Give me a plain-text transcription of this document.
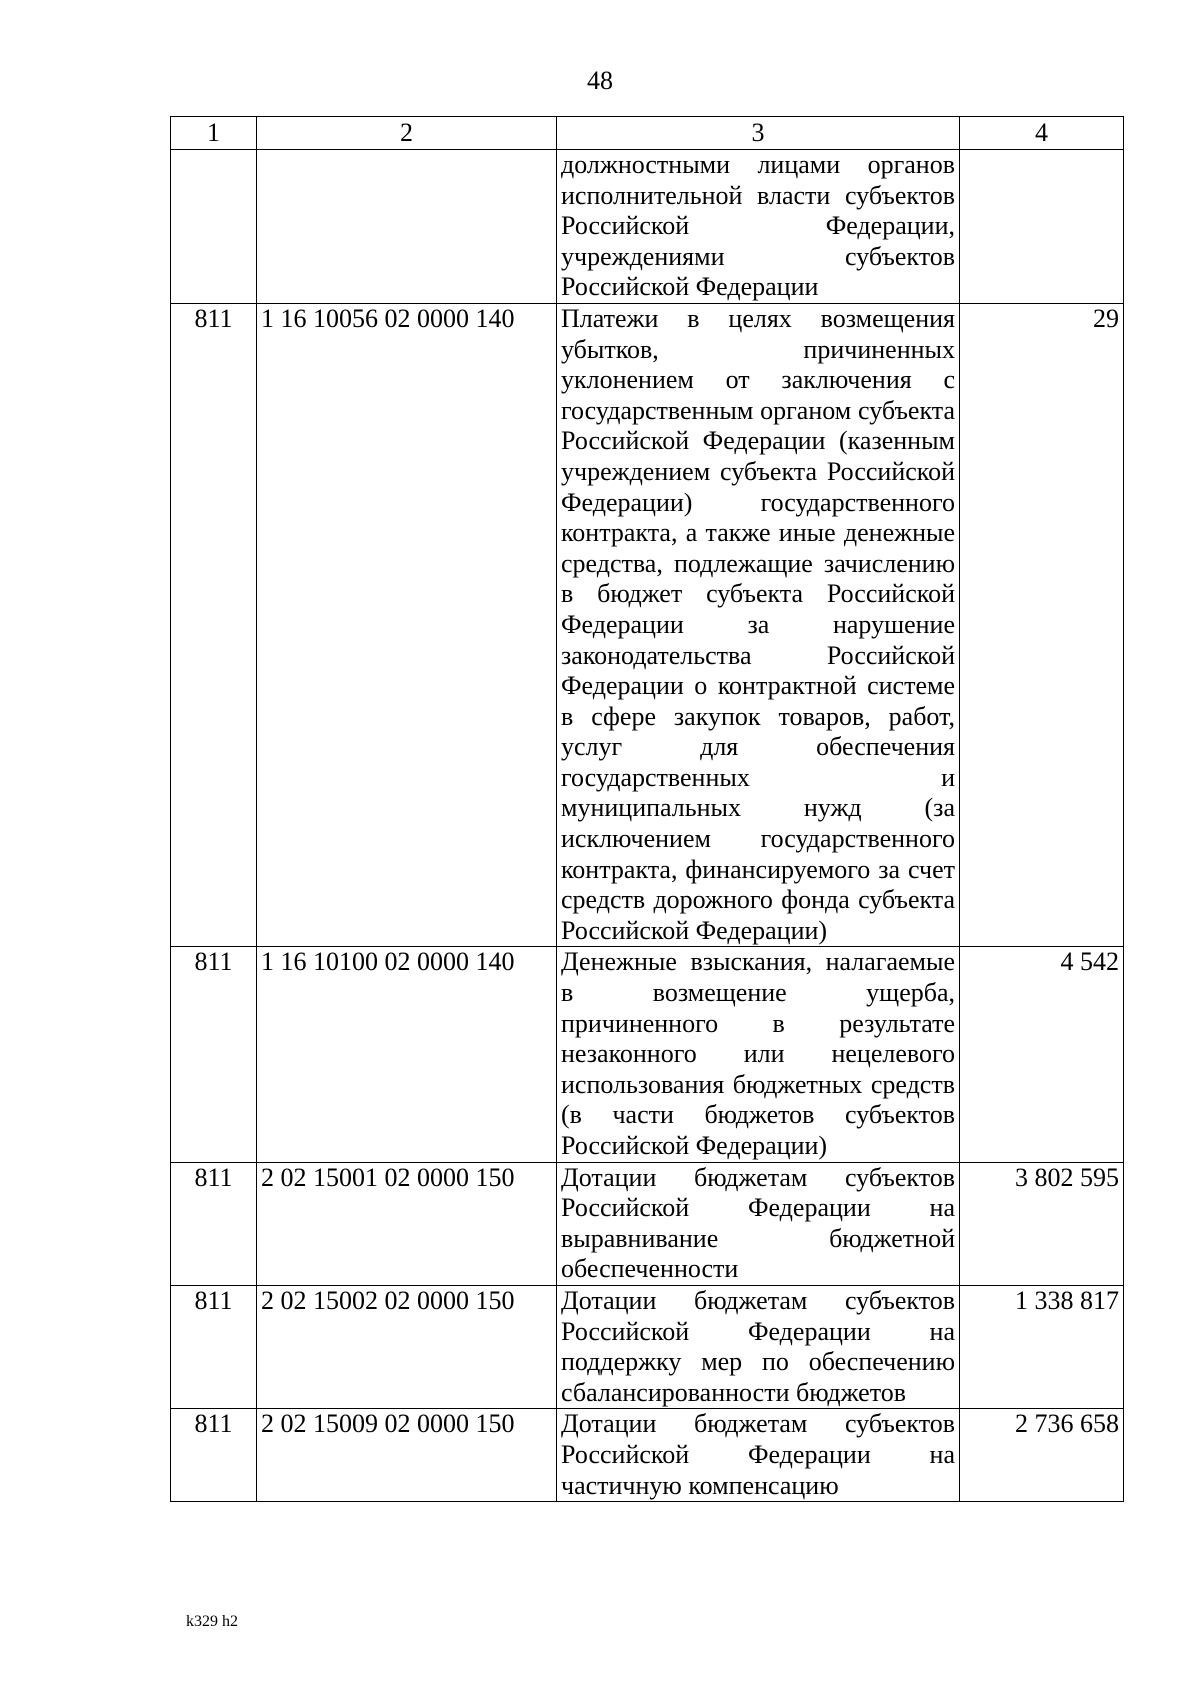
48
1	2	3	4
		должностными лицами органов исполнительной власти субъектов Российской Федерации, учреждениями субъектов Российской Федерации	
811	1 16 10056 02 0000 140	Платежи в целях возмещения убытков, причиненных уклонением от заключения с государственным органом субъекта Российской Федерации (казенным учреждением субъекта Российской Федерации) государственного контракта, а также иные денежные средства, подлежащие зачислению в бюджет субъекта Российской Федерации за нарушение законодательства Российской Федерации о контрактной системе в сфере закупок товаров, работ, услуг для обеспечения государственных и муниципальных нужд (за исключением государственного контракта, финансируемого за счет средств дорожного фонда субъекта Российской Федерации)	29
811	1 16 10100 02 0000 140	Денежные взыскания, налагаемые в возмещение ущерба, причиненного в результате незаконного или нецелевого использования бюджетных средств (в части бюджетов субъектов Российской Федерации)	4 542
811	2 02 15001 02 0000 150	Дотации бюджетам субъектов Российской Федерации на выравнивание бюджетной обеспеченности	3 802 595
811	2 02 15002 02 0000 150	Дотации бюджетам субъектов Российской Федерации на поддержку мер по обеспечению сбалансированности бюджетов	1 338 817
811	2 02 15009 02 0000 150	Дотации бюджетам субъектов Российской Федерации на частичную компенсацию	2 736 658
k329 h2
